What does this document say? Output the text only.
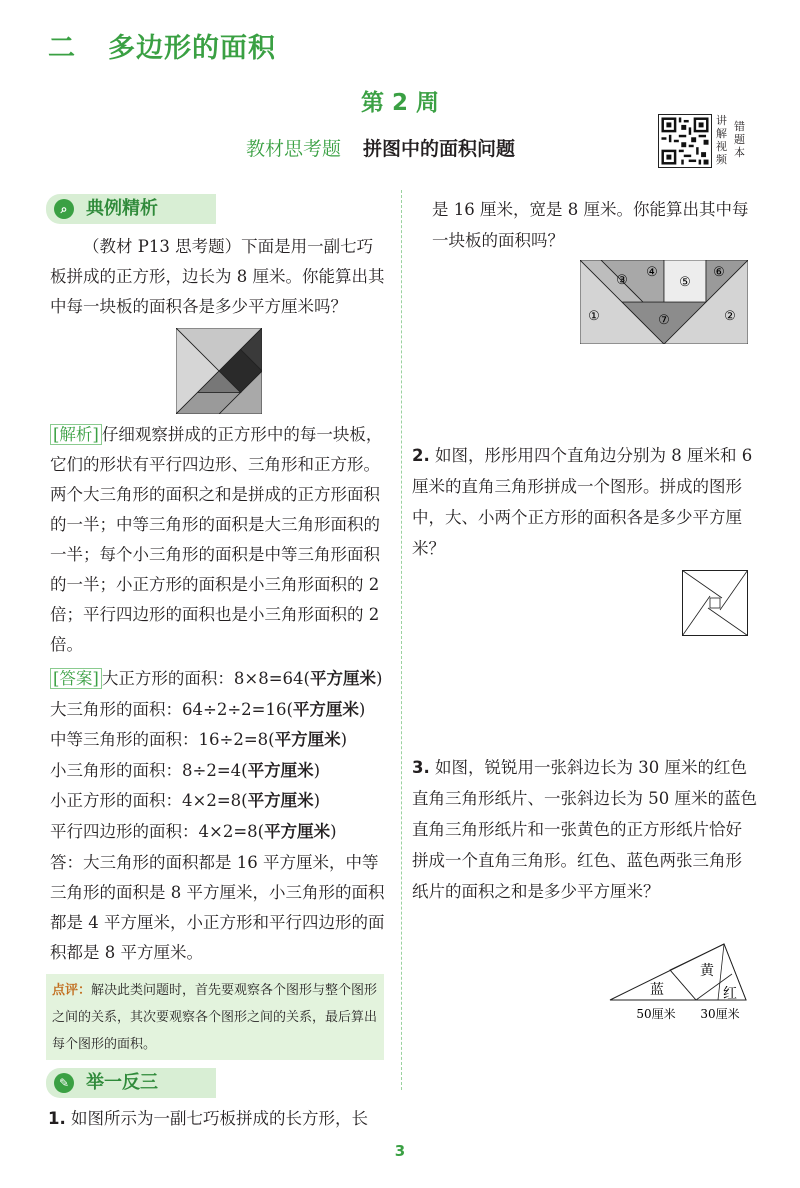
二 多边形的面积
第 2 周
教材思考题 拼图中的面积问题
讲解视频
错题本
⌕	典例精析
（教材 P13 思考题）下面是用一副七巧板拼成的正方形，边长为 8 厘米。你能算出其中每一块板的面积各是多少平方厘米吗？
[解析] 仔细观察拼成的正方形中的每一块板，它们的形状有平行四边形、三角形和正方形。两个大三角形的面积之和是拼成的正方形面积的一半；中等三角形的面积是大三角形面积的一半；每个小三角形的面积是中等三角形面积的一半；小正方形的面积是小三角形面积的 2 倍；平行四边形的面积也是小三角形面积的 2 倍。
[答案] 大正方形的面积：8×8=64(平方厘米)
大三角形的面积：64÷2÷2=16(平方厘米)
中等三角形的面积：16÷2=8(平方厘米)
小三角形的面积：8÷2=4(平方厘米)
小正方形的面积：4×2=8(平方厘米)
平行四边形的面积：4×2=8(平方厘米)
答：大三角形的面积都是 16 平方厘米，中等三角形的面积是 8 平方厘米，小三角形的面积都是 4 平方厘米，小正方形和平行四边形的面积都是 8 平方厘米。
点评：解决此类问题时，首先要观察各个图形与整个图形之间的关系，其次要观察各个图形之间的关系，最后算出每个图形的面积。
✎ 举一反三
1. 如图所示为一副七巧板拼成的长方形，长
是 16 厘米，宽是 8 厘米。你能算出其中每一块板的面积吗？
①	②
③
④
⑤
⑥
⑦
2. 如图，彤彤用四个直角边分别为 8 厘米和 6 厘米的直角三角形拼成一个图形。拼成的图形中，大、小两个正方形的面积各是多少平方厘米？
3. 如图，锐锐用一张斜边长为 30 厘米的红色直角三角形纸片、一张斜边长为 50 厘米的蓝色直角三角形纸片和一张黄色的正方形纸片恰好拼成一个直角三角形。红色、蓝色两张三角形纸片的面积之和是多少平方厘米？
黄
蓝	红
50厘米 30厘米
3
